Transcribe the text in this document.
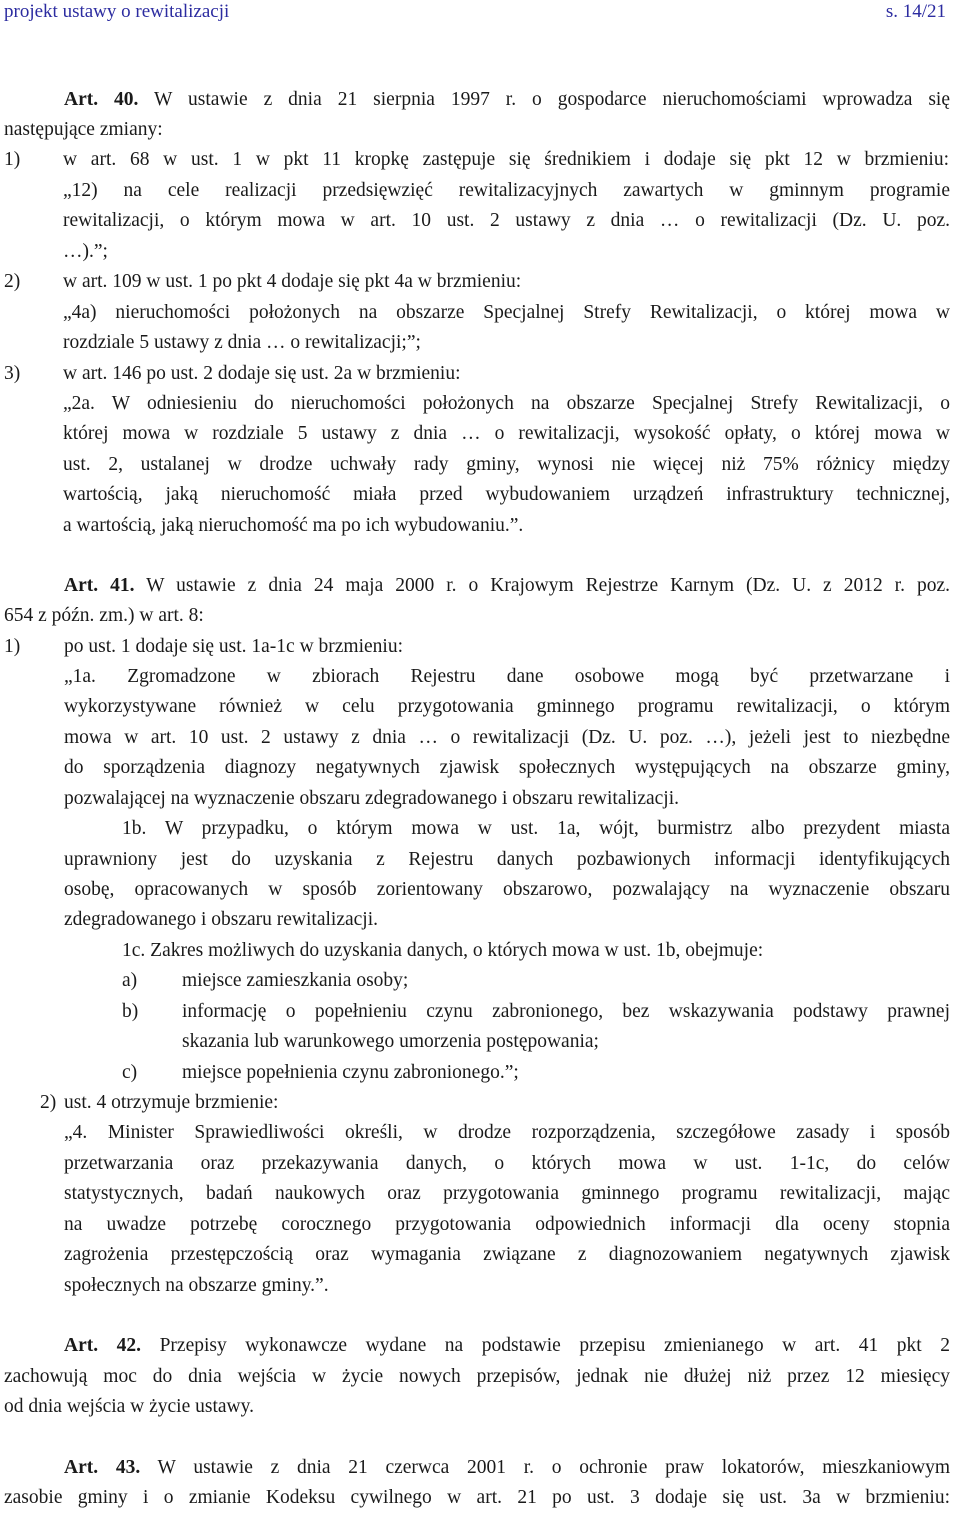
projekt ustawy o rewitalizacji	s. 14/21
Art. 40. W ustawie z dnia 21 sierpnia 1997 r. o gospodarce nieruchomościami wprowadza się
następujące zmiany:
1) w art. 68 w ust. 1 w pkt 11 kropkę zastępuje się średnikiem i dodaje się pkt 12 w brzmieniu:
„12) na cele realizacji przedsięwzięć rewitalizacyjnych zawartych w gminnym programie
rewitalizacji, o którym mowa w art. 10 ust. 2 ustawy z dnia … o rewitalizacji (Dz. U. poz.
…).”;
2) w art. 109 w ust. 1 po pkt 4 dodaje się pkt 4a w brzmieniu:
„4a) nieruchomości położonych na obszarze Specjalnej Strefy Rewitalizacji, o której mowa w
rozdziale 5 ustawy z dnia … o rewitalizacji;”;
3) w art. 146 po ust. 2 dodaje się ust. 2a w brzmieniu:
„2a. W odniesieniu do nieruchomości położonych na obszarze Specjalnej Strefy Rewitalizacji, o
której mowa w rozdziale 5 ustawy z dnia … o rewitalizacji, wysokość opłaty, o której mowa w
ust. 2, ustalanej w drodze uchwały rady gminy, wynosi nie więcej niż 75% różnicy między
wartością, jaką nieruchomość miała przed wybudowaniem urządzeń infrastruktury technicznej,
a wartością, jaką nieruchomość ma po ich wybudowaniu.”.
Art. 41. W ustawie z dnia 24 maja 2000 r. o Krajowym Rejestrze Karnym (Dz. U. z 2012 r. poz.
654 z późn. zm.) w art. 8:
1) po ust. 1 dodaje się ust. 1a-1c w brzmieniu:
„1a. Zgromadzone w zbiorach Rejestru dane osobowe mogą być przetwarzane i
wykorzystywane również w celu przygotowania gminnego programu rewitalizacji, o którym
mowa w art. 10 ust. 2 ustawy z dnia … o rewitalizacji (Dz. U. poz. …), jeżeli jest to niezbędne
do sporządzenia diagnozy negatywnych zjawisk społecznych występujących na obszarze gminy,
pozwalającej na wyznaczenie obszaru zdegradowanego i obszaru rewitalizacji.
1b. W przypadku, o którym mowa w ust. 1a, wójt, burmistrz albo prezydent miasta
uprawniony jest do uzyskania z Rejestru danych pozbawionych informacji identyfikujących
osobę, opracowanych w sposób zorientowany obszarowo, pozwalający na wyznaczenie obszaru
zdegradowanego i obszaru rewitalizacji.
1c. Zakres możliwych do uzyskania danych, o których mowa w ust. 1b, obejmuje:
a) miejsce zamieszkania osoby;
b) informację o popełnieniu czynu zabronionego, bez wskazywania podstawy prawnej
skazania lub warunkowego umorzenia postępowania;
c) miejsce popełnienia czynu zabronionego.”;
2) ust. 4 otrzymuje brzmienie:
„4. Minister Sprawiedliwości określi, w drodze rozporządzenia, szczegółowe zasady i sposób
przetwarzania oraz przekazywania danych, o których mowa w ust. 1-1c, do celów
statystycznych, badań naukowych oraz przygotowania gminnego programu rewitalizacji, mając
na uwadze potrzebę corocznego przygotowania odpowiednich informacji dla oceny stopnia
zagrożenia przestępczością oraz wymagania związane z diagnozowaniem negatywnych zjawisk
społecznych na obszarze gminy.”.
Art. 42. Przepisy wykonawcze wydane na podstawie przepisu zmienianego w art. 41 pkt 2
zachowują moc do dnia wejścia w życie nowych przepisów, jednak nie dłużej niż przez 12 miesięcy
od dnia wejścia w życie ustawy.
Art. 43. W ustawie z dnia 21 czerwca 2001 r. o ochronie praw lokatorów, mieszkaniowym
zasobie gminy i o zmianie Kodeksu cywilnego w art. 21 po ust. 3 dodaje się ust. 3a w brzmieniu:
